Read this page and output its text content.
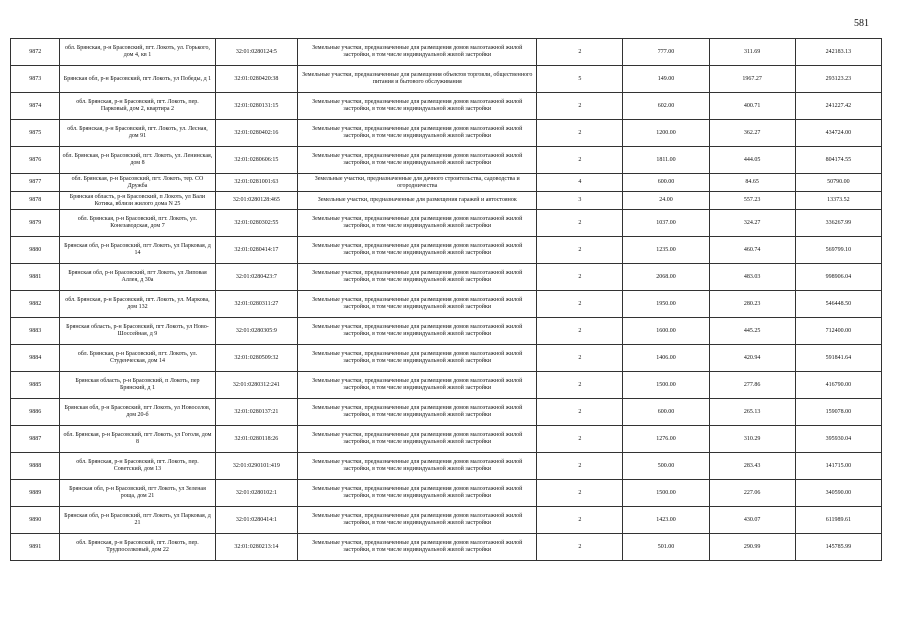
581
9872	обл. Брянская, р-н Брасовский, пгт. Локоть, ул. Горького, дом 4, кв 1	32:01:0280124:5	Земельные участки, предназначенные для размещения домов малоэтажной жилой застройки, в том числе индивидуальной жилой застройки	2	777.00	311.69	242183.13
9873	Брянская обл, р-н Брасовский, пгт Локоть, ул Победы, д 1	32:01:0280420:38	Земельные участки, предназначенные для размещения объектов торговли, общественного питания и бытового обслуживания	5	149.00	1967.27	293123.23
9874	обл. Брянская, р-н Брасовский, пгт. Локоть, пер. Парковый, дом 2, квартира 2	32:01:0280131:15	Земельные участки, предназначенные для размещения домов малоэтажной жилой застройки, в том числе индивидуальной жилой застройки	2	602.00	400.71	241227.42
9875	обл. Брянская, р-н Брасовский, пгт. Локоть, ул. Лесная, дом 91	32:01:0280402:16	Земельные участки, предназначенные для размещения домов малоэтажной жилой застройки, в том числе индивидуальной жилой застройки	2	1200.00	362.27	434724.00
9876	обл. Брянская, р-н Брасовский, пгт. Локоть, ул. Ленинская, дом 8	32:01:0280606:15	Земельные участки, предназначенные для размещения домов малоэтажной жилой застройки, в том числе индивидуальной жилой застройки	2	1811.00	444.05	804174.55
9877	обл. Брянская, р-н Брасовский, пгт. Локоть, тер. СО Дружба	32:01:0281001:63	Земельные участки, предназначенные для дачного строительства, садоводства и огородничества	4	600.00	84.65	50790.00
9878	Брянская область, р-н Брасовский, п Локоть, ул Вали Котика, вблизи жилого дома N 25	32:01:0280128:465	Земельные участки, предназначенные для размещения гаражей и автостоянок	3	24.00	557.23	13373.52
9879	обл. Брянская, р-н Брасовский, пгт. Локоть, ул. Конезаводская, дом 7	32:01:0280302:55	Земельные участки, предназначенные для размещения домов малоэтажной жилой застройки, в том числе индивидуальной жилой застройки	2	1037.00	324.27	336267.99
9880	Брянская обл, р-н Брасовский, пгт Локоть, ул Парковая, д 14	32:01:0280414:17	Земельные участки, предназначенные для размещения домов малоэтажной жилой застройки, в том числе индивидуальной жилой застройки	2	1235.00	460.74	569799.10
9881	Брянская обл, р-н Брасовский, пгт Локоть, ул Липовая Аллея, д 30а	32:01:0280423:7	Земельные участки, предназначенные для размещения домов малоэтажной жилой застройки, в том числе индивидуальной жилой застройки	2	2068.00	483.03	998906.04
9882	обл. Брянская, р-н Брасовский, пгт. Локоть, ул. Маркова, дом 132	32:01:0280311:27	Земельные участки, предназначенные для размещения домов малоэтажной жилой застройки, в том числе индивидуальной жилой застройки	2	1950.00	280.23	546448.50
9883	Брянская область, р-н Брасовский, пгт Локоть, ул Ново-Шоссейная, д 9	32:01:0280305:9	Земельные участки, предназначенные для размещения домов малоэтажной жилой застройки, в том числе индивидуальной жилой застройки	2	1600.00	445.25	712400.00
9884	обл. Брянская, р-н Брасовский, пгт. Локоть, ул. Студенческая, дом 14	32:01:0280509:32	Земельные участки, предназначенные для размещения домов малоэтажной жилой застройки, в том числе индивидуальной жилой застройки	2	1406.00	420.94	591841.64
9885	Брянская область, р-н Брасовский, п Локоть, пер Брянский, д 1	32:01:0280312:241	Земельные участки, предназначенные для размещения домов малоэтажной жилой застройки, в том числе индивидуальной жилой застройки	2	1500.00	277.86	416790.00
9886	Брянская обл, р-н Брасовский, пгт Локоть, ул Новоселов, дом 20-б	32:01:0280137:21	Земельные участки, предназначенные для размещения домов малоэтажной жилой застройки, в том числе индивидуальной жилой застройки	2	600.00	265.13	159078.00
9887	обл. Брянская, р-н Брасовский, пгт Локоть, ул Гоголя, дом 8	32:01:0280118:26	Земельные участки, предназначенные для размещения домов малоэтажной жилой застройки, в том числе индивидуальной жилой застройки	2	1276.00	310.29	395930.04
9888	обл. Брянская, р-н Брасовский, пгт. Локоть, пер. Советский, дом 13	32:01:0290101:419	Земельные участки, предназначенные для размещения домов малоэтажной жилой застройки, в том числе индивидуальной жилой застройки	2	500.00	283.43	141715.00
9889	Брянская обл, р-н Брасовский, пгт Локоть, ул Зеленая роща, дом 21	32:01:0280102:1	Земельные участки, предназначенные для размещения домов малоэтажной жилой застройки, в том числе индивидуальной жилой застройки	2	1500.00	227.06	340590.00
9890	Брянская обл, р-н Брасовский, пгт Локоть, ул Парковая, д 21	32:01:0280414:1	Земельные участки, предназначенные для размещения домов малоэтажной жилой застройки, в том числе индивидуальной жилой застройки	2	1423.00	430.07	611989.61
9891	обл. Брянская, р-н Брасовский, пгт. Локоть, пер. Трудпоселковый, дом 22	32:01:0280213:14	Земельные участки, предназначенные для размещения домов малоэтажной жилой застройки, в том числе индивидуальной жилой застройки	2	501.00	290.99	145785.99
